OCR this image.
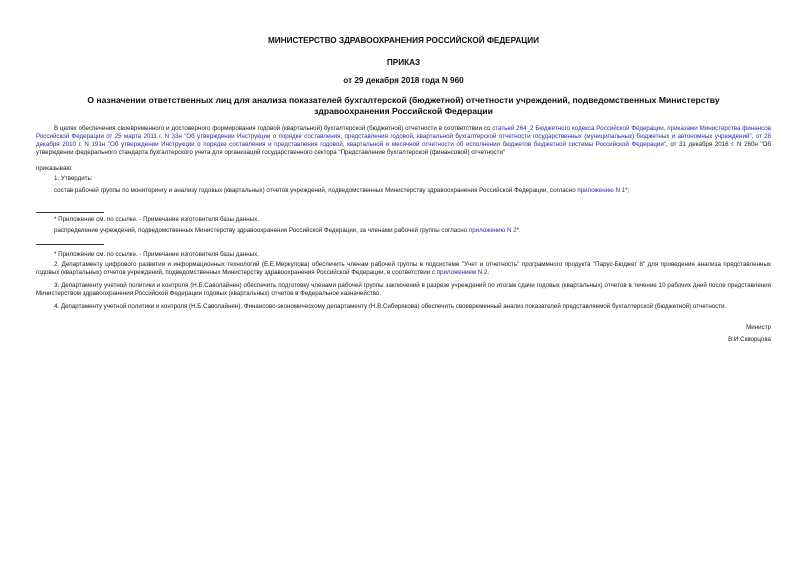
МИНИСТЕРСТВО ЗДРАВООХРАНЕНИЯ РОССИЙСКОЙ ФЕДЕРАЦИИ
ПРИКАЗ
от 29 декабря 2018 года N 960
О назначении ответственных лиц для анализа показателей бухгалтерской (бюджетной) отчетности учреждений, подведомственных Министерству
здравоохранения Российской Федерации
В целях обеспечения своевременного и достоверного формирования годовой (квартальной) бухгалтерской (бюджетной) отчетности в соответствии со статьей 264_2 Бюджетного кодекса Российской Федерации, приказами Министерства финансов Российской Федерации от 25 марта 2011 г. N 33н "Об утверждении Инструкции о порядке составления, представления годовой, квартальной бухгалтерской отчетности государственных (муниципальных) бюджетных и автономных учреждений", от 28 декабря 2010 г. N 191н "Об утверждении Инструкции о порядке составления и представления годовой, квартальной и месячной отчетности об исполнении бюджетов бюджетной системы Российской Федерации", от 31 декабря 2016 г. N 260н "Об утверждении федерального стандарта бухгалтерского учета для организаций государственного сектора "Представление бухгалтерской (финансовой) отчетности"
приказываю:
1. Утвердить:
состав рабочей группы по мониторингу и анализу годовых (квартальных) отчетов учреждений, подведомственных Министерству здравоохранения Российской Федерации, согласно приложению N 1*;
* Приложение см. по ссылке. - Примечание изготовителя базы данных.
распределение учреждений, подведомственных Министерству здравоохранения Российской Федерации, за членами рабочей группы согласно приложению N 2*.
* Приложение см. по ссылке. - Примечание изготовителя базы данных.
2. Департаменту цифрового развития и информационных технологий (Е.Е.Меркулова) обеспечить членам рабочей группы в подсистеме "Учет и отчетность" программного продукта "Парус-Бюджет 8" для проведения анализа представленных годовых (квартальных) отчетов учреждений, подведомственных Министерству здравоохранения Российской Федерации, в соответствии с приложением N 2.
3. Департаменту учетной политики и контроля (Н.Б.Саволайнен) обеспечить подготовку членами рабочей группы заключений в разрезе учреждений по итогам сдачи годовых (квартальных) отчетов в течение 10 рабочих дней после представления Министерством здравоохранения Российской Федерации годовых (квартальных) отчетов в Федеральное казначейство.
4. Департаменту учетной политики и контроля (Н.Б.Саволайнен), Финансово-экономическому департаменту (Н.В.Сибирякова) обеспечить своевременный анализ показателей представляемой бухгалтерской (бюджетной) отчетности.
Министр
В.И.Скворцова
